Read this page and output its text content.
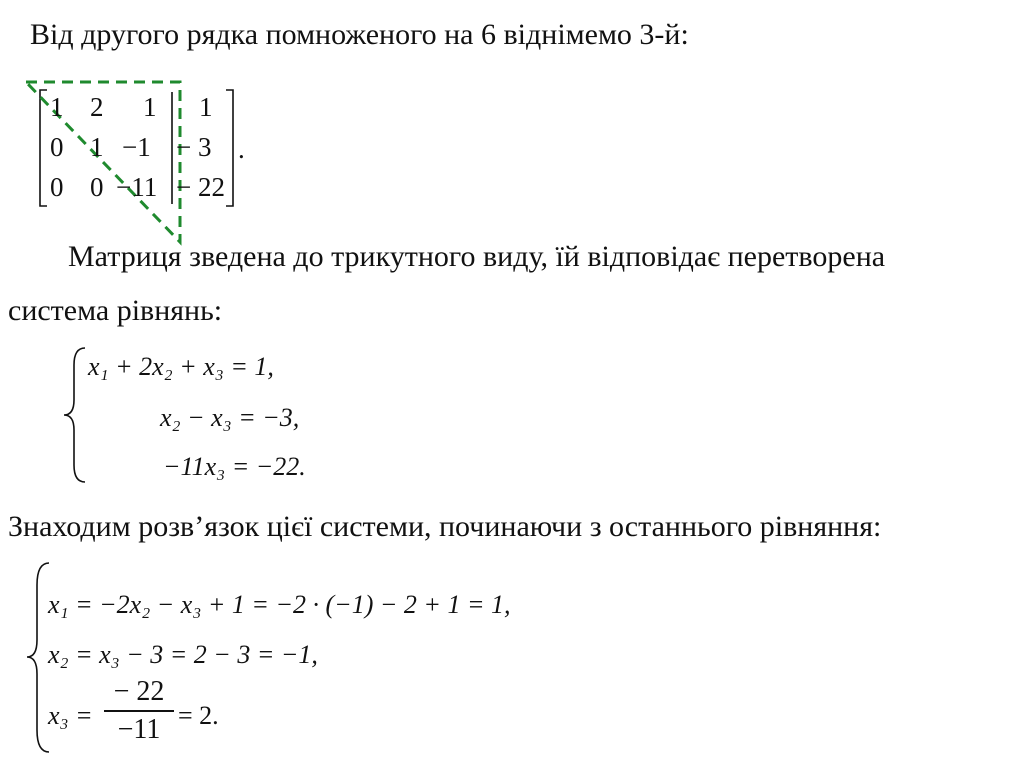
Від другого рядка помноженого на 6 віднімемо 3-й:
1 2 1 1
0 1 −1 − 3
0 0 −11 − 22
.
Матриця зведена до трикутного виду, їй відповідає перетворена
система рівнянь:
x₁ + 2x₂ + x₃ = 1,
x₂ − x₃ = −3,
−11x₃ = −22.
Знаходим розв’язок цієї системи, починаючи з останнього рівняння:
x₁ = −2x₂ − x₃ + 1 = −2 · (−1) − 2 + 1 = 1,
x₂ = x₃ − 3 = 2 − 3 = −1,
x₃ =
− 22
−11 = 2.
